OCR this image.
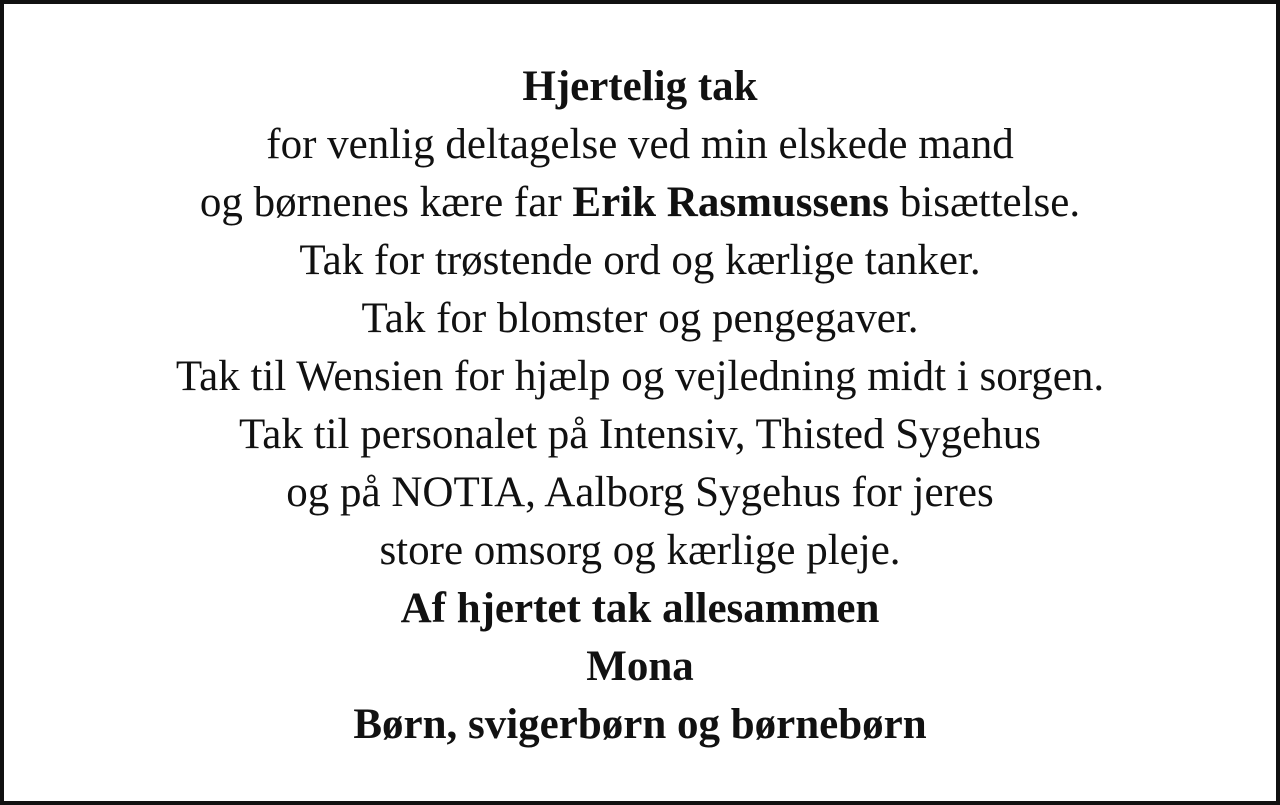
Hjertelig tak
for venlig deltagelse ved min elskede mand
og børnenes kære far Erik Rasmussens bisættelse.
Tak for trøstende ord og kærlige tanker.
Tak for blomster og pengegaver.
Tak til Wensien for hjælp og vejledning midt i sorgen.
Tak til personalet på Intensiv, Thisted Sygehus
og på NOTIA, Aalborg Sygehus for jeres
store omsorg og kærlige pleje.
Af hjertet tak allesammen
Mona
Børn, svigerbørn og børnebørn
